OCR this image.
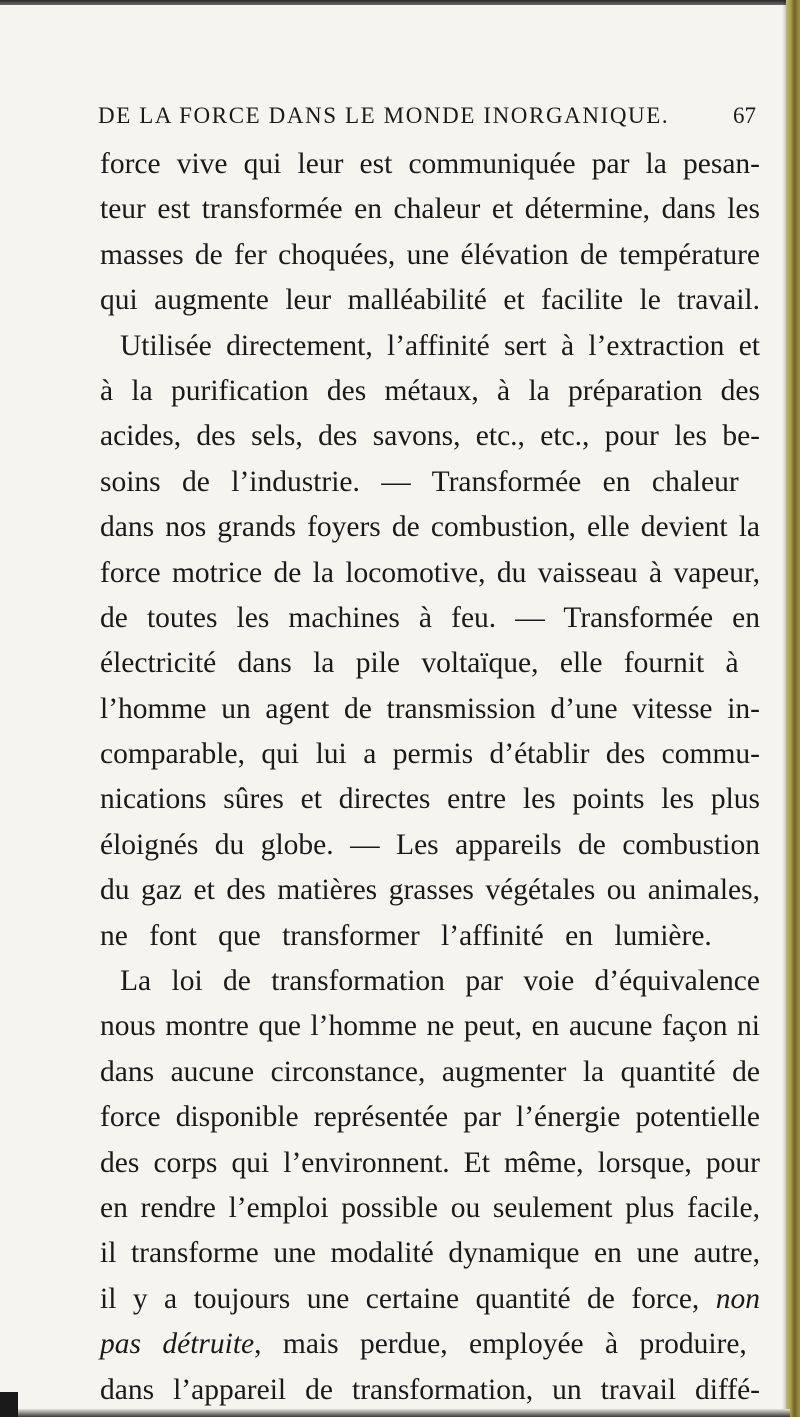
DE LA FORCE DANS LE MONDE INORGANIQUE.	67
force vive qui leur est communiquée par la pesan-
teur est transformée en chaleur et détermine, dans les
masses de fer choquées, une élévation de température
qui augmente leur malléabilité et facilite le travail.
Utilisée directement, l’affinité sert à l’extraction et
à la purification des métaux, à la préparation des
acides, des sels, des savons, etc., etc., pour les be-
soins de l’industrie. — Transformée en chaleur
dans nos grands foyers de combustion, elle devient la
force motrice de la locomotive, du vaisseau à vapeur,
de toutes les machines à feu. — Transformée en
électricité dans la pile voltaïque, elle fournit à
l’homme un agent de transmission d’une vitesse in-
comparable, qui lui a permis d’établir des commu-
nications sûres et directes entre les points les plus
éloignés du globe. — Les appareils de combustion
du gaz et des matières grasses végétales ou animales,
ne font que transformer l’affinité en lumière.
La loi de transformation par voie d’équivalence
nous montre que l’homme ne peut, en aucune façon ni
dans aucune circonstance, augmenter la quantité de
force disponible représentée par l’énergie potentielle
des corps qui l’environnent. Et même, lorsque, pour
en rendre l’emploi possible ou seulement plus facile,
il transforme une modalité dynamique en une autre,
il y a toujours une certaine quantité de force, non
pas détruite, mais perdue, employée à produire,
dans l’appareil de transformation, un travail diffé-
